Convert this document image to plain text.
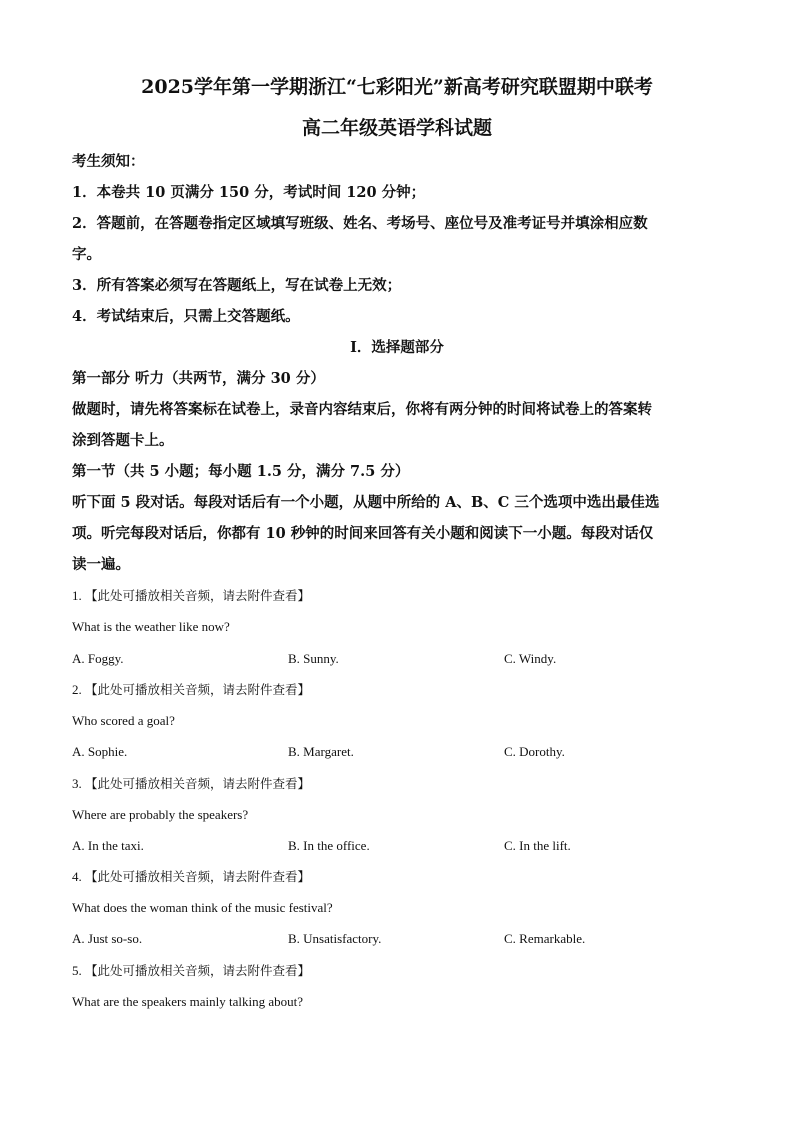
2025学年第一学期浙江“七彩阳光”新高考研究联盟期中联考
高二年级英语学科试题
考生须知：
1．本卷共 10 页满分 150 分，考试时间 120 分钟；
2．答题前，在答题卷指定区域填写班级、姓名、考场号、座位号及准考证号并填涂相应数
字。
3．所有答案必须写在答题纸上，写在试卷上无效；
4．考试结束后，只需上交答题纸。
Ⅰ．选择题部分
第一部分 听力（共两节，满分 30 分）
做题时，请先将答案标在试卷上，录音内容结束后，你将有两分钟的时间将试卷上的答案转
涂到答题卡上。
第一节（共 5 小题；每小题 1.5 分，满分 7.5 分）
听下面 5 段对话。每段对话后有一个小题，从题中所给的 A、B、C 三个选项中选出最佳选
项。听完每段对话后，你都有 10 秒钟的时间来回答有关小题和阅读下一小题。每段对话仅
读一遍。
1. 【此处可播放相关音频，请去附件查看】
What is the weather like now?
A. Foggy.	B. Sunny.	C. Windy.
2. 【此处可播放相关音频，请去附件查看】
Who scored a goal?
A. Sophie.	B. Margaret.	C. Dorothy.
3. 【此处可播放相关音频，请去附件查看】
Where are probably the speakers?
A. In the taxi.	B. In the office.	C. In the lift.
4. 【此处可播放相关音频，请去附件查看】
What does the woman think of the music festival?
A. Just so-so.	B. Unsatisfactory.	C. Remarkable.
5. 【此处可播放相关音频，请去附件查看】
What are the speakers mainly talking about?
